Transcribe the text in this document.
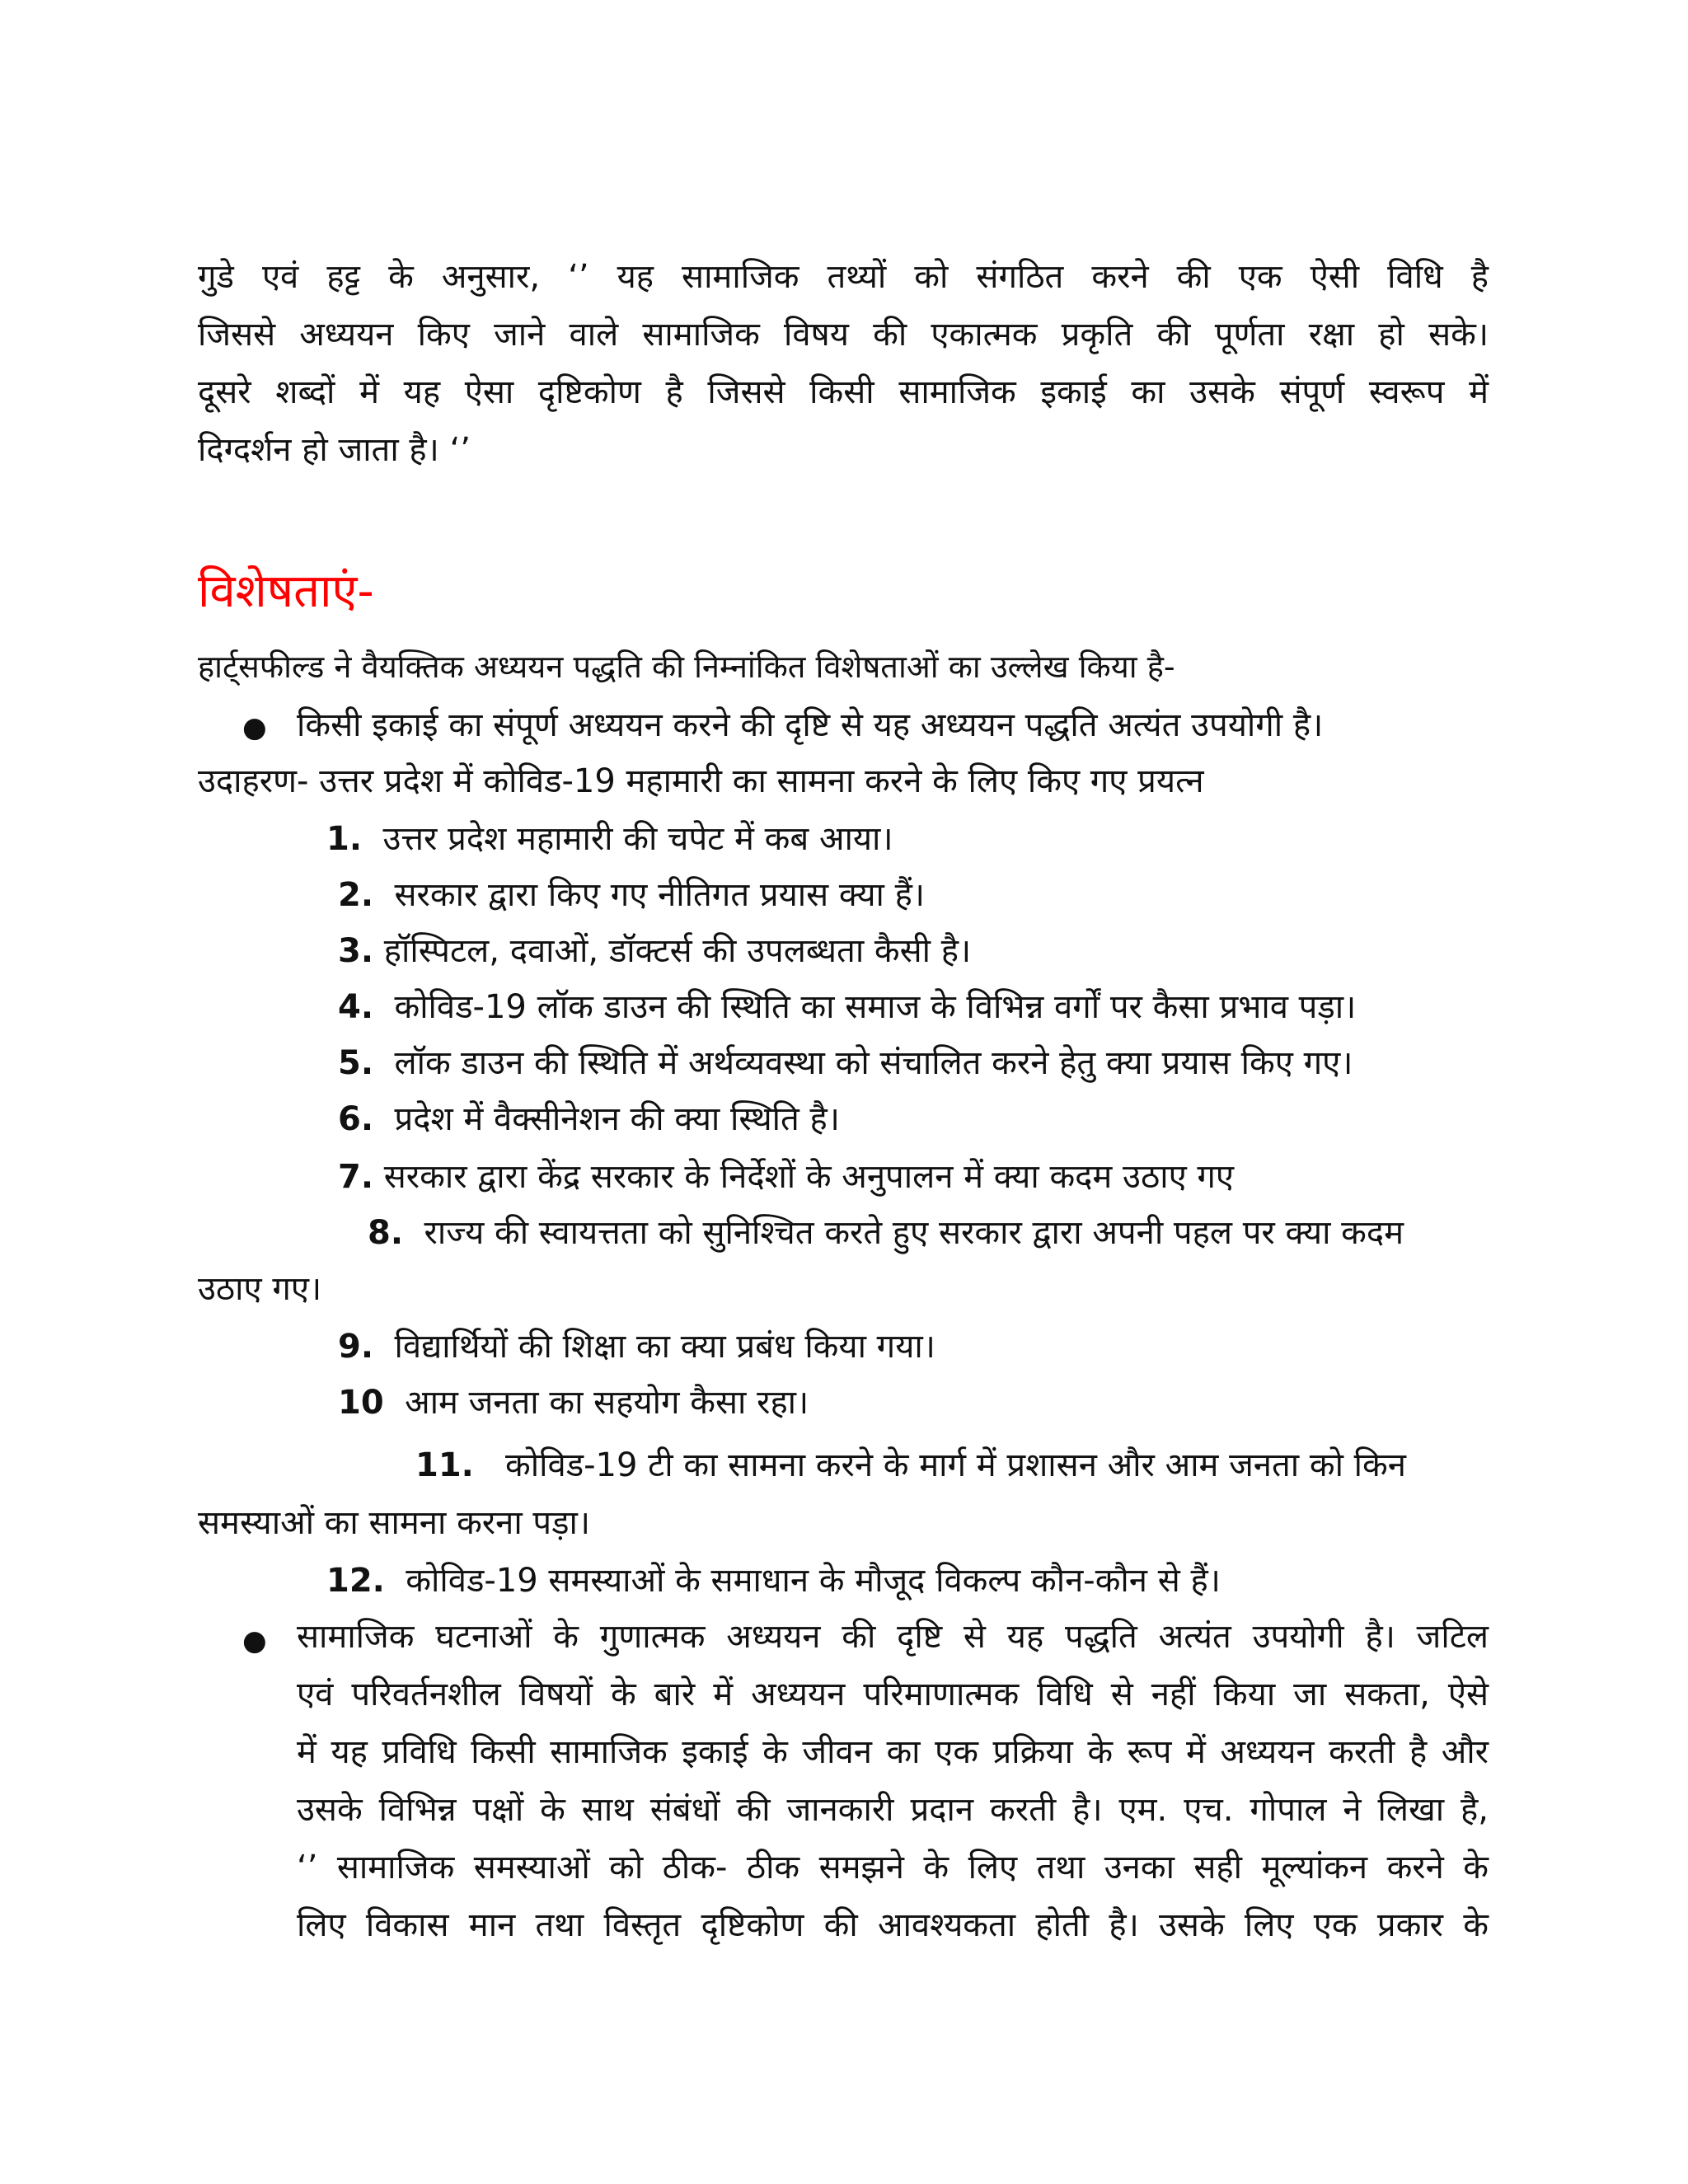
गुडे एवं हट्ट के अनुसार, ‘’ यह सामाजिक तथ्यों को संगठित करने की एक ऐसी विधि है
जिससे अध्ययन किए जाने वाले सामाजिक विषय की एकात्मक प्रकृति की पूर्णता रक्षा हो सके।
दूसरे शब्दों में यह ऐसा दृष्टिकोण है जिससे किसी सामाजिक इकाई का उसके संपूर्ण स्वरूप में
दिग्दर्शन हो जाता है। ‘’
विशेषताएं-
हार्ट्सफील्ड ने वैयक्तिक अध्ययन पद्धति की निम्नांकित विशेषताओं का उल्लेख किया है-
● किसी इकाई का संपूर्ण अध्ययन करने की दृष्टि से यह अध्ययन पद्धति अत्यंत उपयोगी है।
उदाहरण- उत्तर प्रदेश में कोविड-19 महामारी का सामना करने के लिए किए गए प्रयत्न
1. उत्तर प्रदेश महामारी की चपेट में कब आया।
2. सरकार द्वारा किए गए नीतिगत प्रयास क्या हैं।
3. हॉस्पिटल, दवाओं, डॉक्टर्स की उपलब्धता कैसी है।
4. कोविड-19 लॉक डाउन की स्थिति का समाज के विभिन्न वर्गों पर कैसा प्रभाव पड़ा।
5. लॉक डाउन की स्थिति में अर्थव्यवस्था को संचालित करने हेतु क्या प्रयास किए गए।
6. प्रदेश में वैक्सीनेशन की क्या स्थिति है।
7. सरकार द्वारा केंद्र सरकार के निर्देशों के अनुपालन में क्या कदम उठाए गए
8. राज्य की स्वायत्तता को सुनिश्चित करते हुए सरकार द्वारा अपनी पहल पर क्या कदम
उठाए गए।
9. विद्यार्थियों की शिक्षा का क्या प्रबंध किया गया।
10 आम जनता का सहयोग कैसा रहा।
11. कोविड-19 टी का सामना करने के मार्ग में प्रशासन और आम जनता को किन
समस्याओं का सामना करना पड़ा।
12. कोविड-19 समस्याओं के समाधान के मौजूद विकल्प कौन-कौन से हैं।
● सामाजिक घटनाओं के गुणात्मक अध्ययन की दृष्टि से यह पद्धति अत्यंत उपयोगी है। जटिल
एवं परिवर्तनशील विषयों के बारे में अध्ययन परिमाणात्मक विधि से नहीं किया जा सकता, ऐसे
में यह प्रविधि किसी सामाजिक इकाई के जीवन का एक प्रक्रिया के रूप में अध्ययन करती है और
उसके विभिन्न पक्षों के साथ संबंधों की जानकारी प्रदान करती है। एम. एच. गोपाल ने लिखा है,
‘’ सामाजिक समस्याओं को ठीक- ठीक समझने के लिए तथा उनका सही मूल्यांकन करने के
लिए विकास मान तथा विस्तृत दृष्टिकोण की आवश्यकता होती है। उसके लिए एक प्रकार के
